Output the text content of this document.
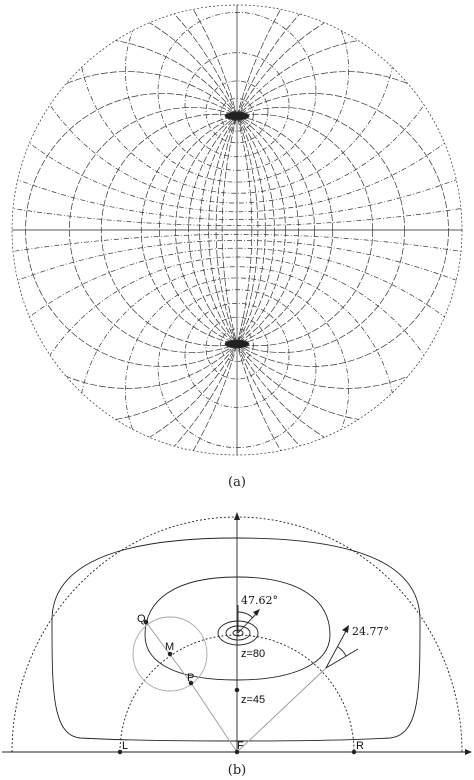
(a)
47.62°
24.77°
z=80
z=45
Q
M
P
L	F	R
(b)
